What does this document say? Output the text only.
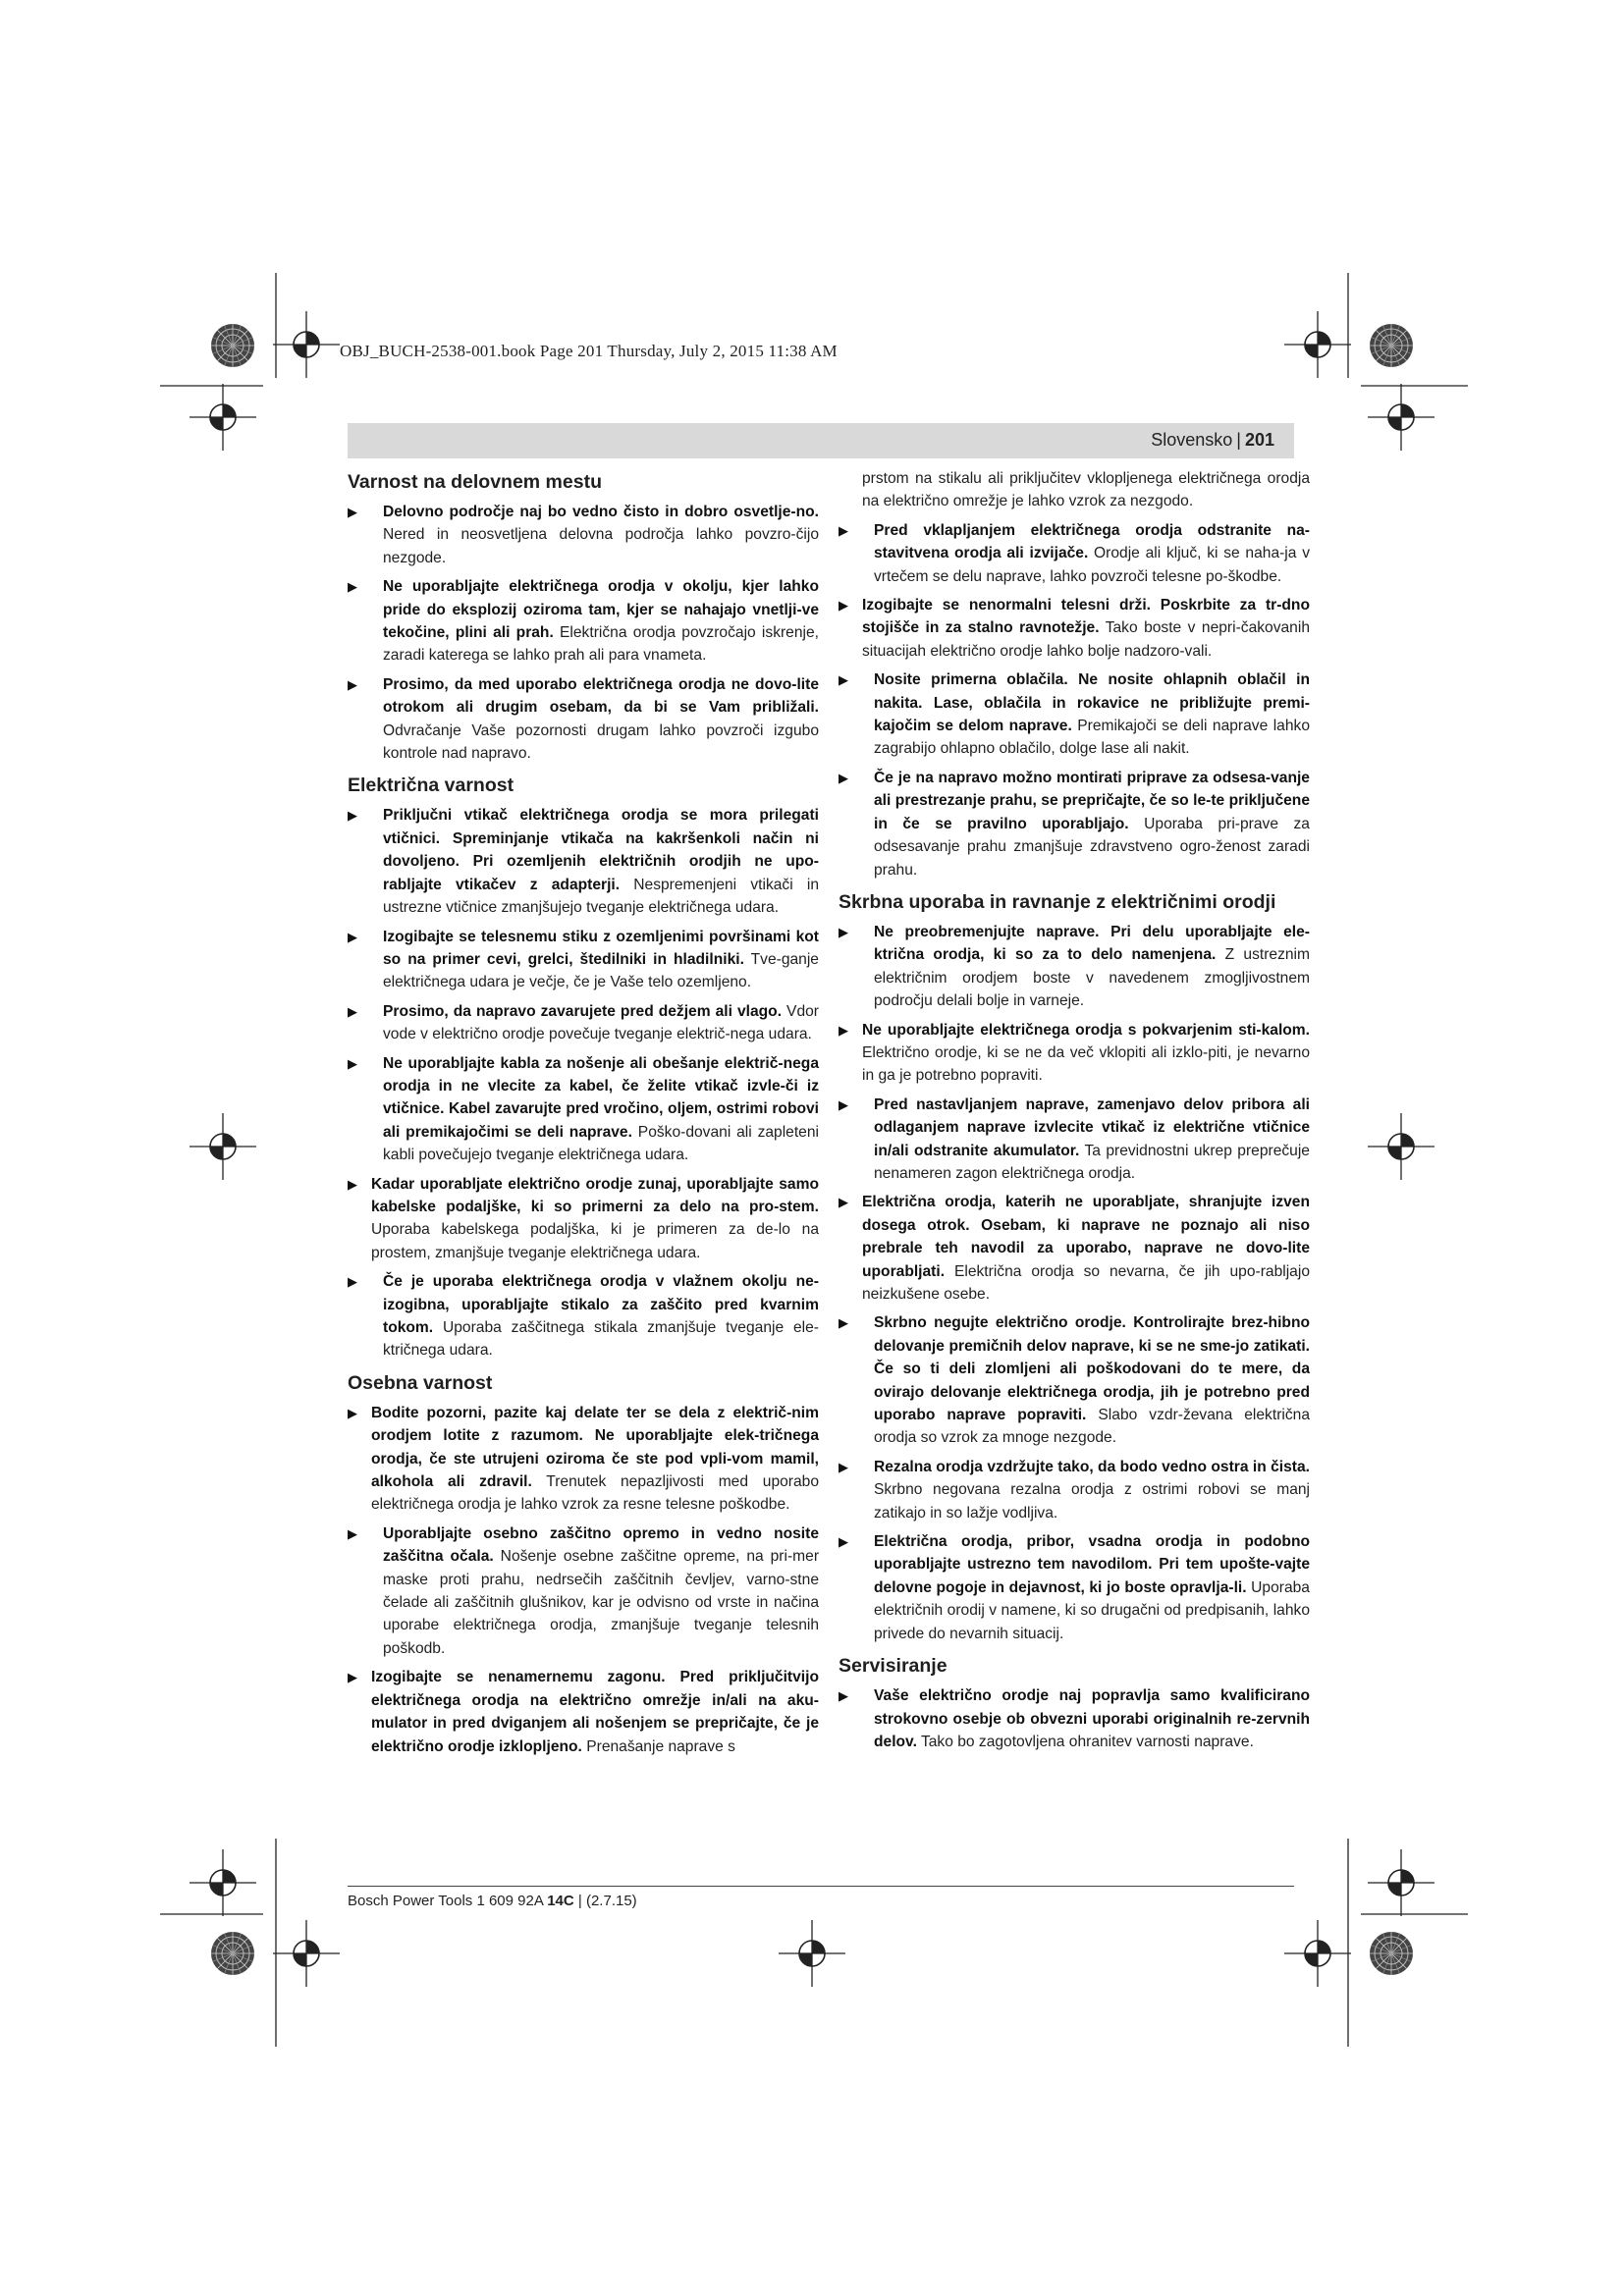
OBJ_BUCH-2538-001.book Page 201 Thursday, July 2, 2015 11:38 AM
Slovensko | 201
Varnost na delovnem mestu
▶ Delovno področje naj bo vedno čisto in dobro osvetlje-no. Nered in neosvetljena delovna področja lahko povzro-čijo nezgode.
▶ Ne uporabljajte električnega orodja v okolju, kjer lahko pride do eksplozij oziroma tam, kjer se nahajajo vnetlji-ve tekočine, plini ali prah. Električna orodja povzročajo iskrenje, zaradi katerega se lahko prah ali para vnameta.
▶ Prosimo, da med uporabo električnega orodja ne dovo-lite otrokom ali drugim osebam, da bi se Vam približali. Odvračanje Vaše pozornosti drugam lahko povzroči izgubo kontrole nad napravo.
Električna varnost
▶ Priključni vtikač električnega orodja se mora prilegati vtičnici. Spreminjanje vtikača na kakršenkoli način ni dovoljeno. Pri ozemljenih električnih orodjih ne upo-rabljajte vtikačev z adapterji. Nespremenjeni vtikači in ustrezne vtičnice zmanjšujejo tveganje električnega udara.
▶ Izogibajte se telesnemu stiku z ozemljenimi površinami kot so na primer cevi, grelci, štedilniki in hladilniki. Tve-ganje električnega udara je večje, če je Vaše telo ozemljeno.
▶ Prosimo, da napravo zavarujete pred dežjem ali vlago. Vdor vode v električno orodje povečuje tveganje električ-nega udara.
▶ Ne uporabljajte kabla za nošenje ali obešanje električ-nega orodja in ne vlecite za kabel, če želite vtikač izvle-či iz vtičnice. Kabel zavarujte pred vročino, oljem, ostrimi robovi ali premikajočimi se deli naprave. Poško-dovani ali zapleteni kabli povečujejo tveganje električnega udara.
▶ Kadar uporabljate električno orodje zunaj, uporabljajte samo kabelske podaljške, ki so primerni za delo na pro-stem. Uporaba kabelskega podaljška, ki je primeren za de-lo na prostem, zmanjšuje tveganje električnega udara.
▶ Če je uporaba električnega orodja v vlažnem okolju ne-izogibna, uporabljajte stikalo za zaščito pred kvarnim tokom. Uporaba zaščitnega stikala zmanjšuje tveganje ele-ktričnega udara.
Osebna varnost
▶ Bodite pozorni, pazite kaj delate ter se dela z električ-nim orodjem lotite z razumom. Ne uporabljajte elek-tričnega orodja, če ste utrujeni oziroma če ste pod vpli-vom mamil, alkohola ali zdravil. Trenutek nepazljivosti med uporabo električnega orodja je lahko vzrok za resne telesne poškodbe.
▶ Uporabljajte osebno zaščitno opremo in vedno nosite zaščitna očala. Nošenje osebne zaščitne opreme, na pri-mer maske proti prahu, nedrsečih zaščitnih čevljev, varno-stne čelade ali zaščitnih glušnikov, kar je odvisno od vrste in načina uporabe električnega orodja, zmanjšuje tveganje telesnih poškodb.
▶ Izogibajte se nenamernemu zagonu. Pred priključitvijo električnega orodja na električno omrežje in/ali na aku-mulator in pred dviganjem ali nošenjem se prepričajte, če je električno orodje izklopljeno. Prenašanje naprave s
prstom na stikalu ali priključitev vklopljenega električnega orodja na električno omrežje je lahko vzrok za nezgodo.
▶ Pred vklapljanjem električnega orodja odstranite na-stavitvena orodja ali izvijače. Orodje ali ključ, ki se naha-ja v vrtečem se delu naprave, lahko povzroči telesne po-škodbe.
▶ Izogibajte se nenormalni telesni drži. Poskrbite za tr-dno stojišče in za stalno ravnotežje. Tako boste v nepri-čakovanih situacijah električno orodje lahko bolje nadzoro-vali.
▶ Nosite primerna oblačila. Ne nosite ohlapnih oblačil in nakita. Lase, oblačila in rokavice ne približujte premi-kajočim se delom naprave. Premikajoči se deli naprave lahko zagrabijo ohlapno oblačilo, dolge lase ali nakit.
▶ Če je na napravo možno montirati priprave za odsesa-vanje ali prestrezanje prahu, se prepričajte, če so le-te priključene in če se pravilno uporabljajo. Uporaba pri-prave za odsesavanje prahu zmanjšuje zdravstveno ogro-ženost zaradi prahu.
Skrbna uporaba in ravnanje z električnimi orodji
▶ Ne preobremenjujte naprave. Pri delu uporabljajte ele-ktrična orodja, ki so za to delo namenjena. Z ustreznim električnim orodjem boste v navedenem zmogljivostnem področju delali bolje in varneje.
▶ Ne uporabljajte električnega orodja s pokvarjenim sti-kalom. Električno orodje, ki se ne da več vklopiti ali izklo-piti, je nevarno in ga je potrebno popraviti.
▶ Pred nastavljanjem naprave, zamenjavo delov pribora ali odlaganjem naprave izvlecite vtikač iz električne vtičnice in/ali odstranite akumulator. Ta previdnostni ukrep preprečuje nenameren zagon električnega orodja.
▶ Električna orodja, katerih ne uporabljate, shranjujte izven dosega otrok. Osebam, ki naprave ne poznajo ali niso prebrale teh navodil za uporabo, naprave ne dovo-lite uporabljati. Električna orodja so nevarna, če jih upo-rabljajo neizkušene osebe.
▶ Skrbno negujte električno orodje. Kontrolirajte brez-hibno delovanje premičnih delov naprave, ki se ne sme-jo zatikati. Če so ti deli zlomljeni ali poškodovani do te mere, da ovirajo delovanje električnega orodja, jih je potrebno pred uporabo naprave popraviti. Slabo vzdr-ževana električna orodja so vzrok za mnoge nezgode.
▶ Rezalna orodja vzdržujte tako, da bodo vedno ostra in čista. Skrbno negovana rezalna orodja z ostrimi robovi se manj zatikajo in so lažje vodljiva.
▶ Električna orodja, pribor, vsadna orodja in podobno uporabljajte ustrezno tem navodilom. Pri tem upošte-vajte delovne pogoje in dejavnost, ki jo boste opravlja-li. Uporaba električnih orodij v namene, ki so drugačni od predpisanih, lahko privede do nevarnih situacij.
Servisiranje
▶ Vaše električno orodje naj popravlja samo kvalificirano strokovno osebje ob obvezni uporabi originalnih re-zervnih delov. Tako bo zagotovljena ohranitev varnosti naprave.
Bosch Power Tools 1 609 92A 14C | (2.7.15)
